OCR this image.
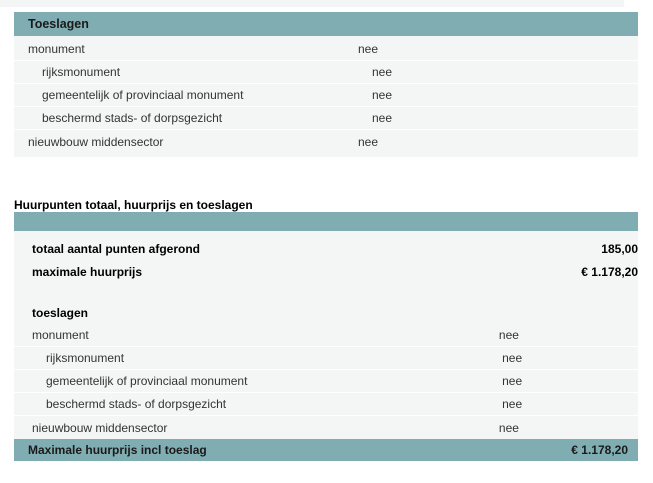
Toeslagen
monument	nee
rijksmonument	nee
gemeentelijk of provinciaal monument	nee
beschermd stads- of dorpsgezicht	nee
nieuwbouw middensector	nee
Huurpunten totaal, huurprijs en toeslagen
totaal aantal punten afgerond	185,00
maximale huurprijs	€ 1.178,20
toeslagen
monument	nee
rijksmonument	nee
gemeentelijk of provinciaal monument	nee
beschermd stads- of dorpsgezicht	nee
nieuwbouw middensector	nee
Maximale huurprijs incl toeslag	€ 1.178,20
